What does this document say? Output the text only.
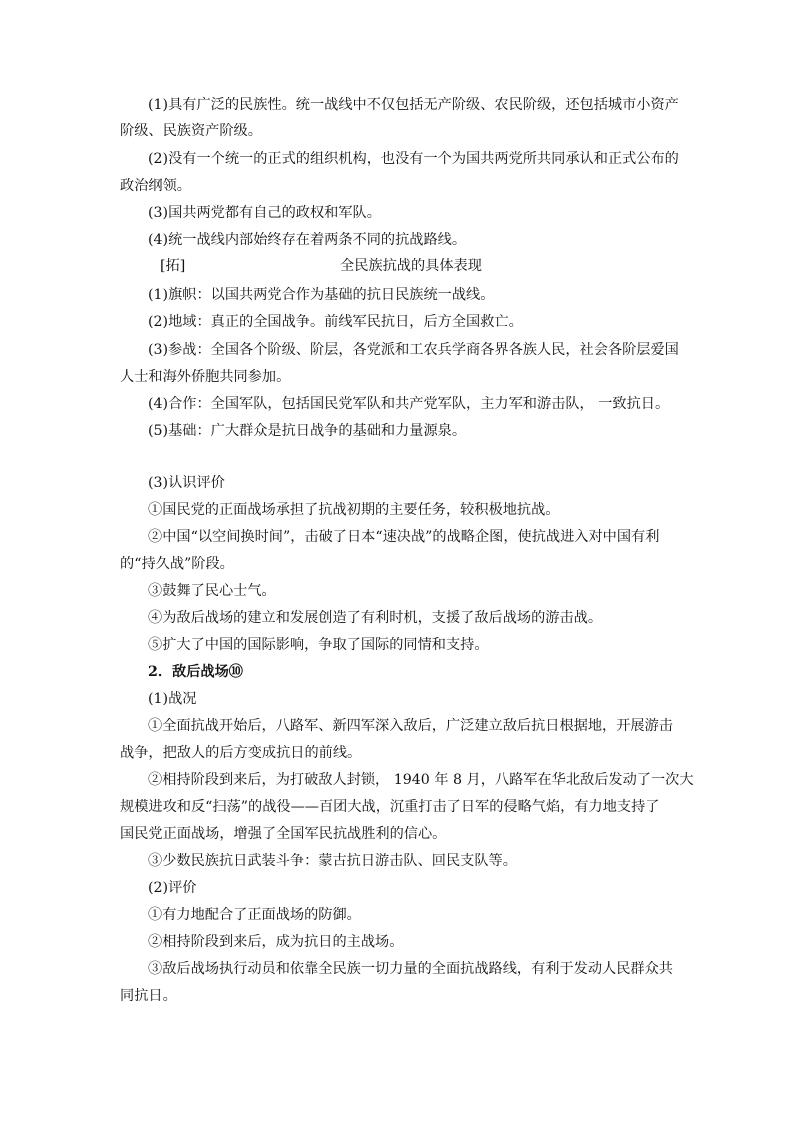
(1)具有广泛的民族性。统一战线中不仅包括无产阶级、农民阶级，还包括城市小资产
阶级、民族资产阶级。
(2)没有一个统一的正式的组织机构，也没有一个为国共两党所共同承认和正式公布的
政治纲领。
(3)国共两党都有自己的政权和军队。
(4)统一战线内部始终存在着两条不同的抗战路线。
[拓]	全民族抗战的具体表现
(1)旗帜：以国共两党合作为基础的抗日民族统一战线。
(2)地域：真正的全国战争。前线军民抗日，后方全国救亡。
(3)参战：全国各个阶级、阶层，各党派和工农兵学商各界各族人民，社会各阶层爱国
人士和海外侨胞共同参加。
(4)合作：全国军队，包括国民党军队和共产党军队，主力军和游击队， 一致抗日。
(5)基础：广大群众是抗日战争的基础和力量源泉。
(3)认识评价
①国民党的正面战场承担了抗战初期的主要任务，较积极地抗战。
②中国“以空间换时间”，击破了日本“速决战”的战略企图，使抗战进入对中国有利
的“持久战”阶段。
③鼓舞了民心士气。
④为敌后战场的建立和发展创造了有利时机，支援了敌后战场的游击战。
⑤扩大了中国的国际影响，争取了国际的同情和支持。
2．敌后战场⑩
(1)战况
①全面抗战开始后，八路军、新四军深入敌后，广泛建立敌后抗日根据地，开展游击
战争，把敌人的后方变成抗日的前线。
②相持阶段到来后，为打破敌人封锁， 1940 年 8 月，八路军在华北敌后发动了一次大
规模进攻和反“扫荡”的战役——百团大战，沉重打击了日军的侵略气焰，有力地支持了
国民党正面战场，增强了全国军民抗战胜利的信心。
③少数民族抗日武装斗争：蒙古抗日游击队、回民支队等。
(2)评价
①有力地配合了正面战场的防御。
②相持阶段到来后，成为抗日的主战场。
③敌后战场执行动员和依靠全民族一切力量的全面抗战路线，有利于发动人民群众共
同抗日。
